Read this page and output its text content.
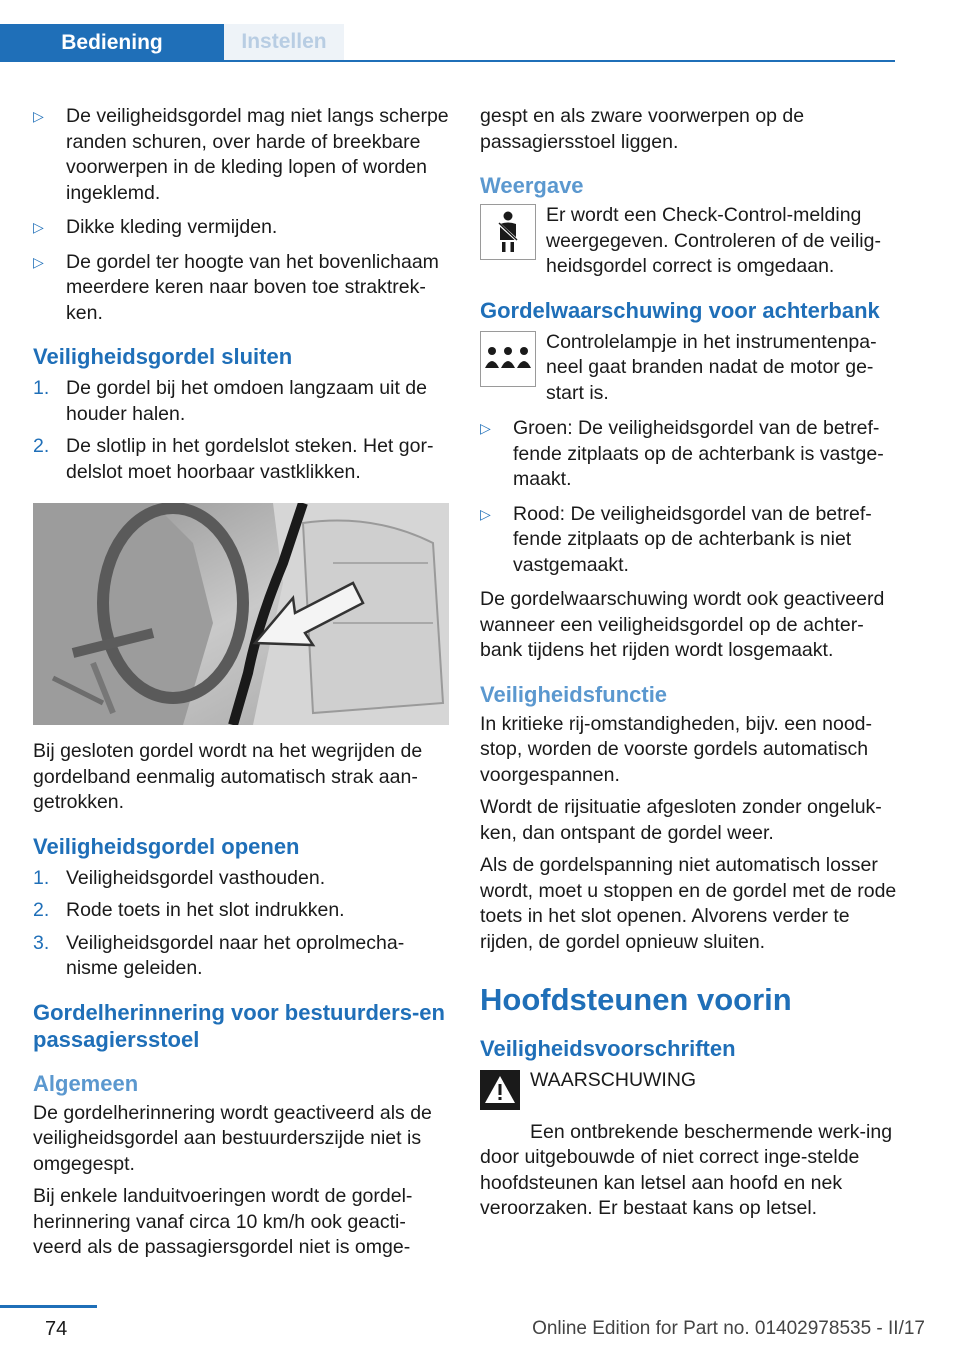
Bediening	Instellen
▷ De veiligheidsgordel mag niet langs scherpe randen schuren, over harde of breekbare voorwerpen in de kleding lopen of worden ingeklemd.
▷ Dikke kleding vermijden.
▷ De gordel ter hoogte van het bovenlichaam meerdere keren naar boven toe straktrek‐ken.
Veiligheidsgordel sluiten
1. De gordel bij het omdoen langzaam uit de houder halen.
2. De slotlip in het gordelslot steken. Het gor‐delslot moet hoorbaar vastklikken.

Bij gesloten gordel wordt na het wegrijden de gordelband eenmalig automatisch strak aan‐getrokken.

Veiligheidsgordel openen
1. Veiligheidsgordel vasthouden.
2. Rode toets in het slot indrukken.
3. Veiligheidsgordel naar het oprolmecha‐nisme geleiden.
Gordelherinnering voor bestuurders‐en passagiersstoel
Algemeen

De gordelherinnering wordt geactiveerd als de veiligheidsgordel aan bestuurderszijde niet is omgegespt.

Bij enkele landuitvoeringen wordt de gordel‐herinnering vanaf circa 10 km/h ook geacti‐veerd als de passagiersgordel niet is omge‐

gespt en als zware voorwerpen op de passagiersstoel liggen.

Weergave
Er wordt een Check-Control-melding weergegeven. Controleren of de veilig‐heidsgordel correct is omgedaan.
Gordelwaarschuwing voor achterbank
Controlelampje in het instrumentenpa‐neel gaat branden nadat de motor ge‐start is.
▷ Groen: De veiligheidsgordel van de betref‐fende zitplaats op de achterbank is vastge‐maakt.
▷ Rood: De veiligheidsgordel van de betref‐fende zitplaats op de achterbank is niet vastgemaakt.

De gordelwaarschuwing wordt ook geactiveerd wanneer een veiligheidsgordel op de achter‐bank tijdens het rijden wordt losgemaakt.

Veiligheidsfunctie

In kritieke rij-omstandigheden, bijv. een nood‐stop, worden de voorste gordels automatisch voorgespannen.

Wordt de rijsituatie afgesloten zonder ongeluk‐ken, dan ontspant de gordel weer.

Als de gordelspanning niet automatisch losser wordt, moet u stoppen en de gordel met de rode toets in het slot openen. Alvorens verder te rijden, de gordel opnieuw sluiten.

Hoofdsteunen voorin
Veiligheidsvoorschriften
WAARSCHUWING
Een ontbrekende beschermende werk‐ing door uitgebouwde of niet correct inge‐stelde hoofdsteunen kan letsel aan hoofd en nek veroorzaken. Er bestaat kans op letsel.
74	Online Edition for Part no. 01402978535 - II/17
